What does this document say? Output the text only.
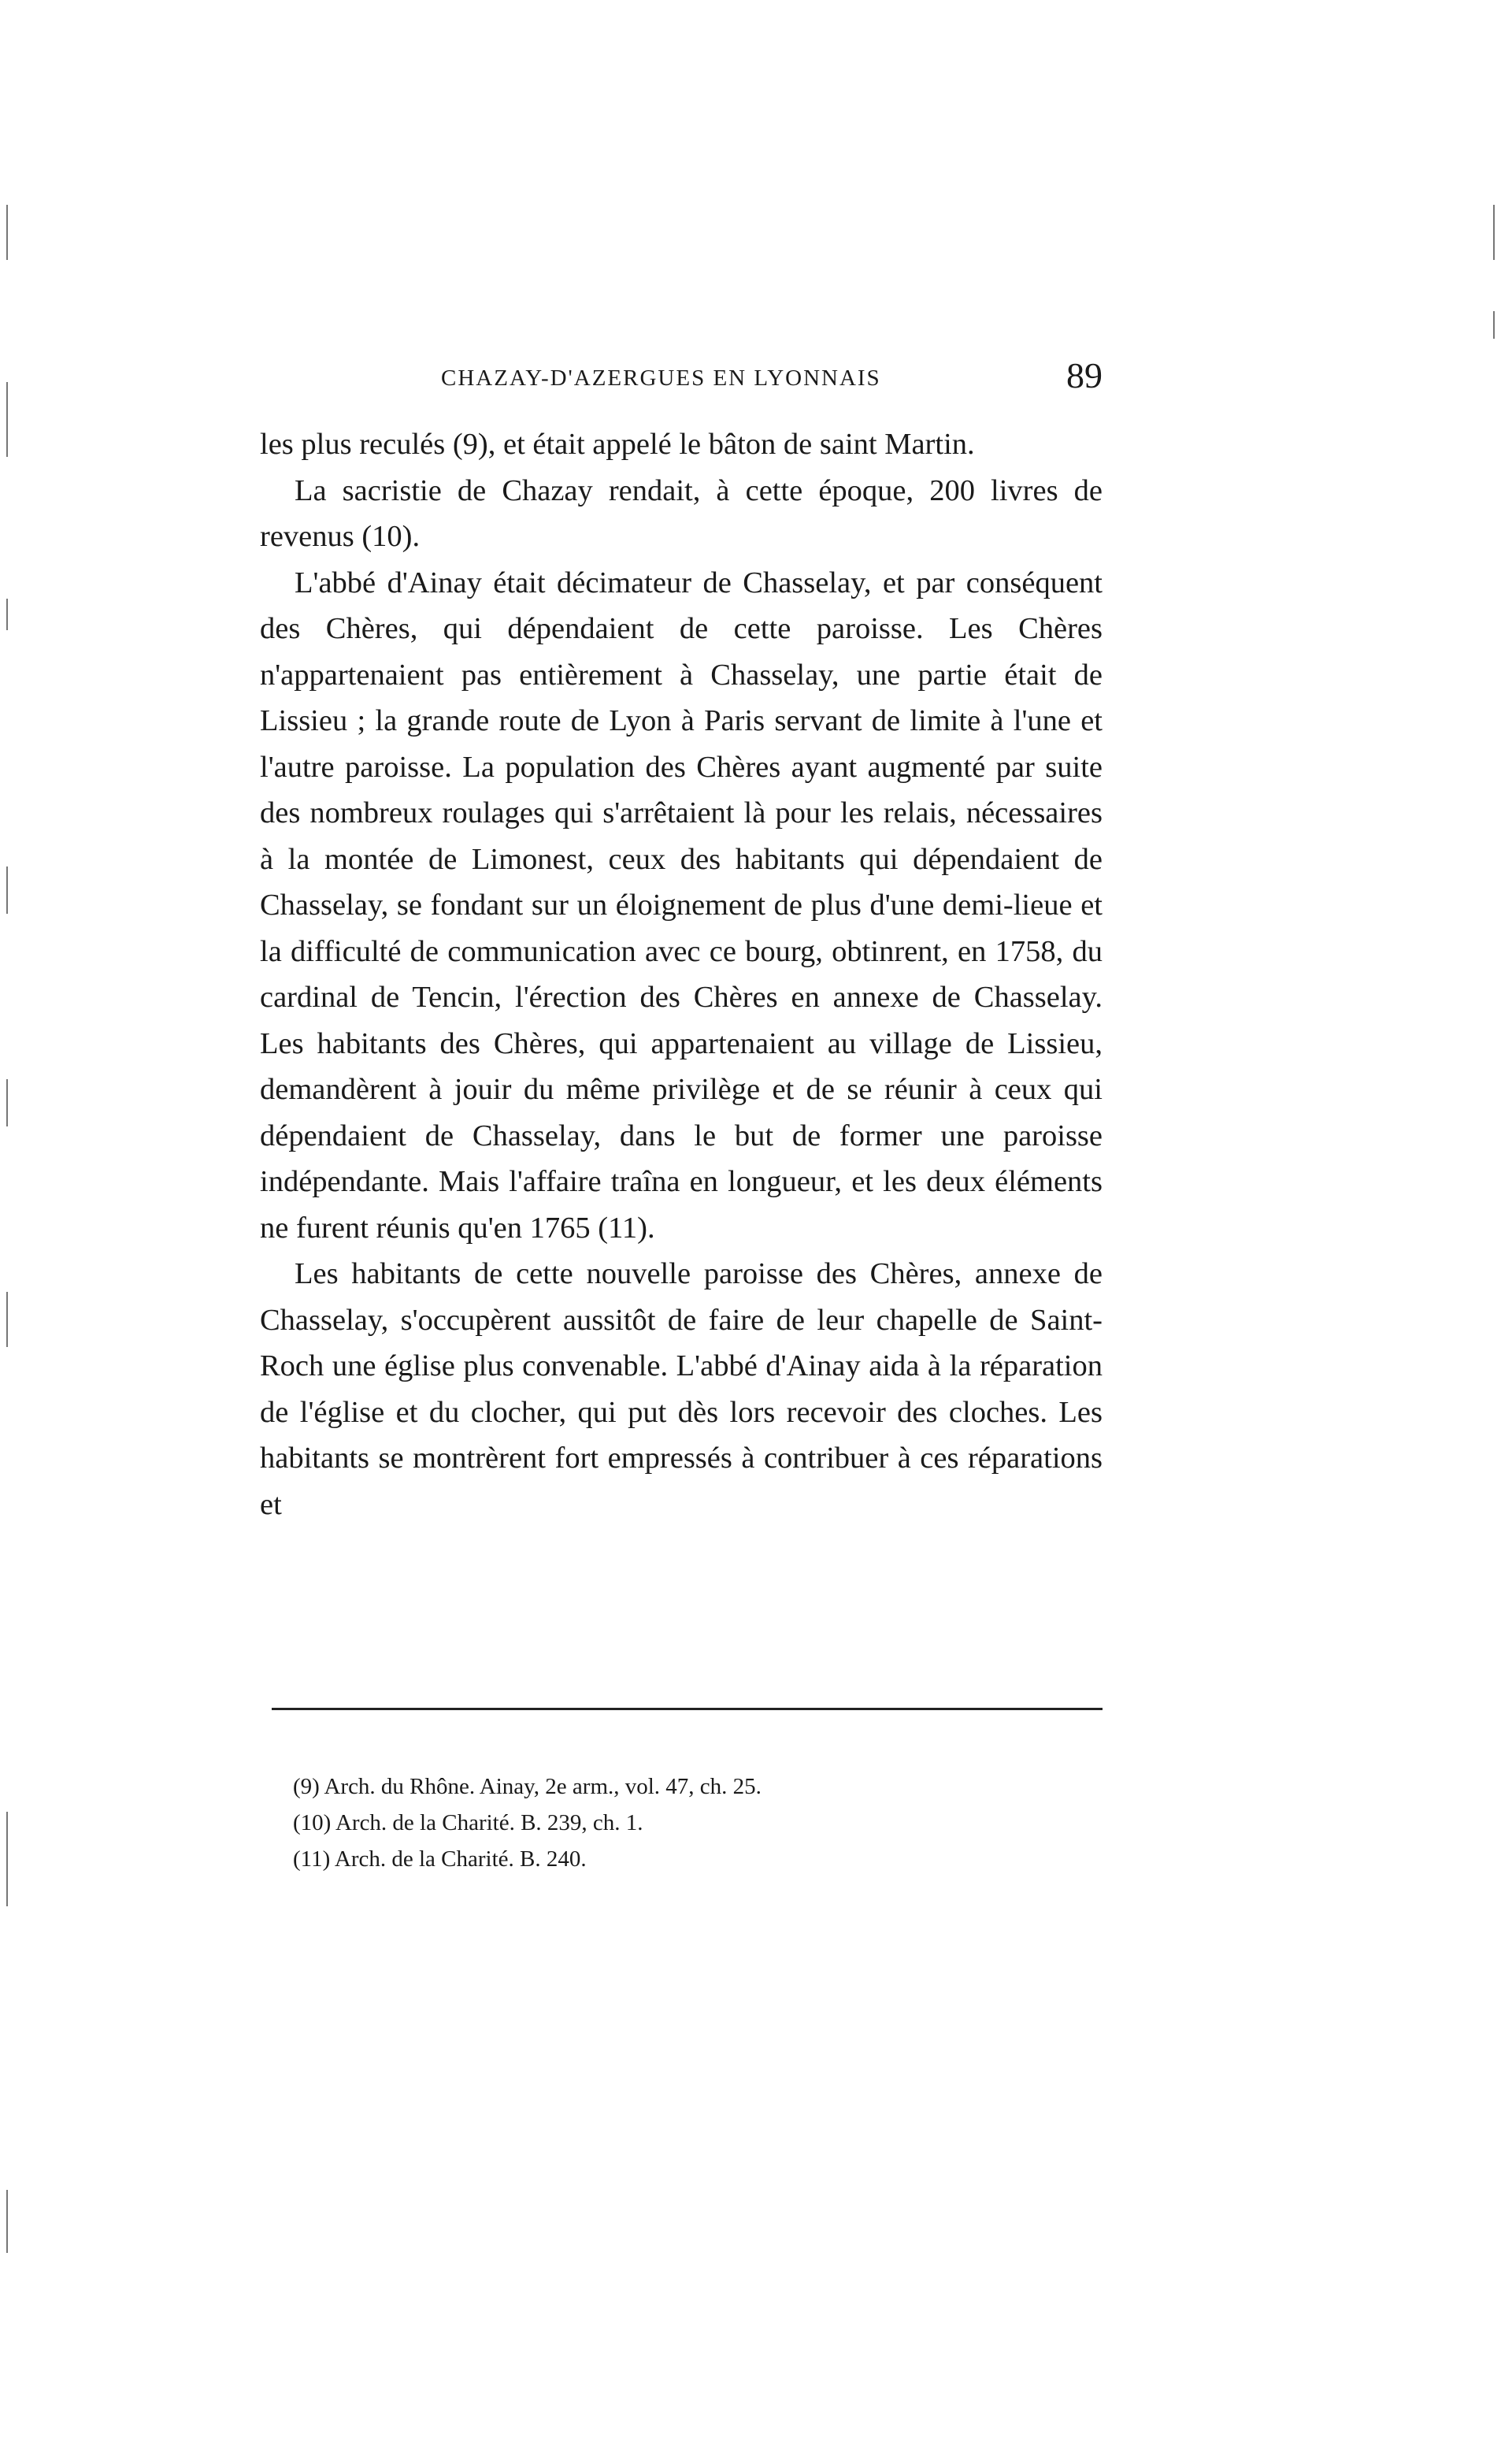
CHAZAY-D'AZERGUES EN LYONNAIS	89

les plus reculés (9), et était appelé le bâton de saint Martin.

La sacristie de Chazay rendait, à cette époque, 200 livres de revenus (10).

L'abbé d'Ainay était décimateur de Chasselay, et par conséquent des Chères, qui dépendaient de cette paroisse. Les Chères n'appartenaient pas entièrement à Chasselay, une partie était de Lissieu ; la grande route de Lyon à Paris servant de limite à l'une et l'autre paroisse. La population des Chères ayant augmenté par suite des nombreux roulages qui s'arrêtaient là pour les relais, nécessaires à la montée de Limonest, ceux des habitants qui dépendaient de Chasselay, se fondant sur un éloignement de plus d'une demi-lieue et la difficulté de communication avec ce bourg, obtinrent, en 1758, du cardinal de Tencin, l'érection des Chères en annexe de Chasselay. Les habitants des Chères, qui appartenaient au village de Lissieu, demandèrent à jouir du même privilège et de se réunir à ceux qui dépendaient de Chasselay, dans le but de former une paroisse indépendante. Mais l'affaire traîna en longueur, et les deux éléments ne furent réunis qu'en 1765 (11).

Les habitants de cette nouvelle paroisse des Chères, annexe de Chasselay, s'occupèrent aussitôt de faire de leur chapelle de Saint-Roch une église plus convenable. L'abbé d'Ainay aida à la réparation de l'église et du clocher, qui put dès lors recevoir des cloches. Les habitants se montrèrent fort empressés à contribuer à ces réparations et

(9) Arch. du Rhône. Ainay, 2e arm., vol. 47, ch. 25.

(10) Arch. de la Charité. B. 239, ch. 1.

(11) Arch. de la Charité. B. 240.
